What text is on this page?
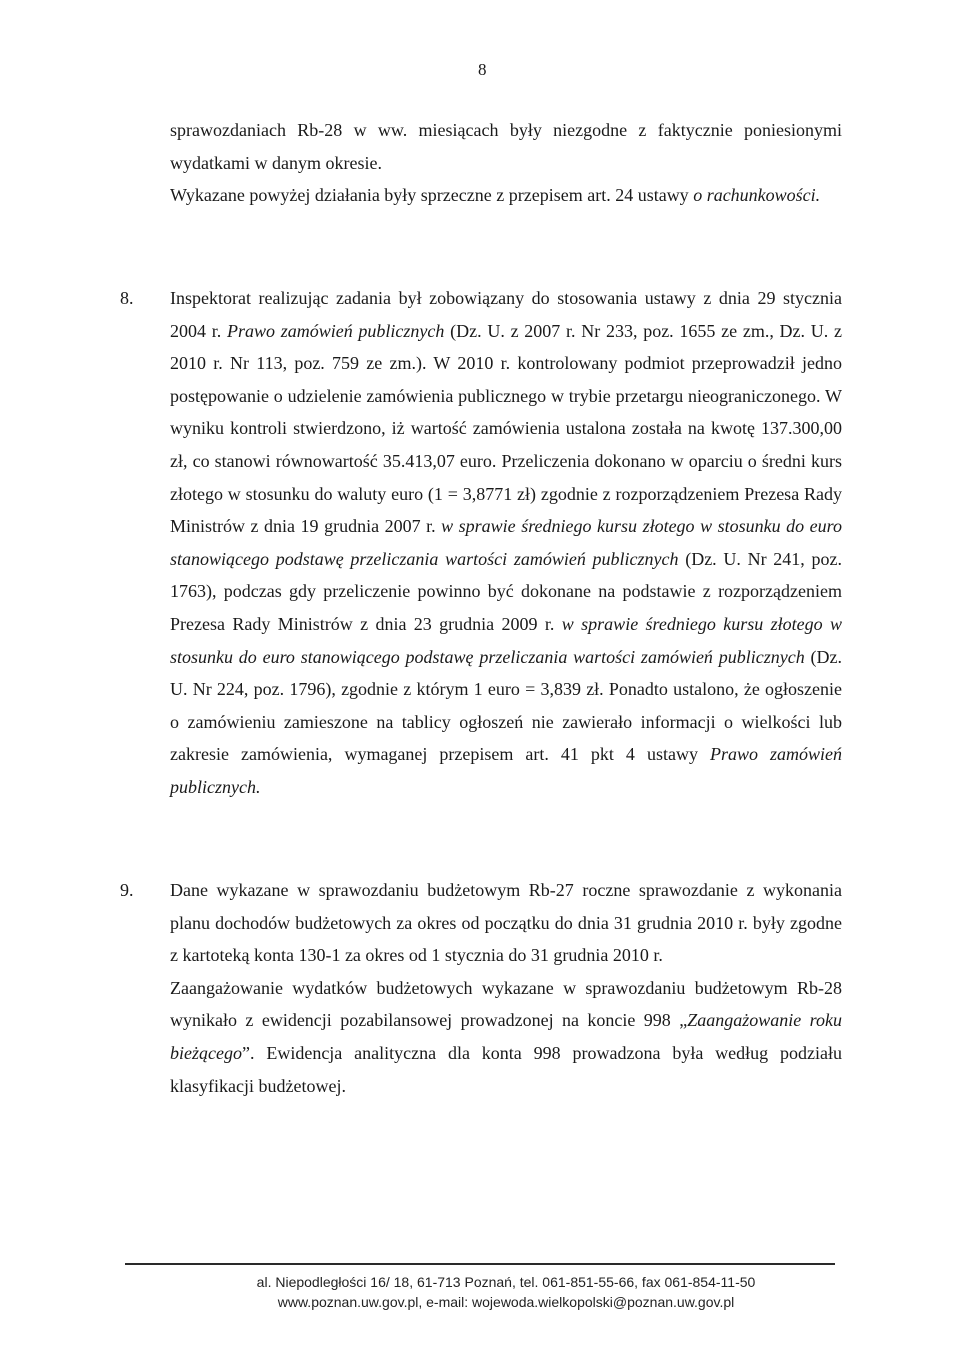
8

sprawozdaniach Rb-28 w ww. miesiącach były niezgodne z faktycznie poniesionymi wydatkami w danym okresie.

Wykazane powyżej działania były sprzeczne z przepisem art. 24 ustawy o rachunkowości.

8. Inspektorat realizując zadania był zobowiązany do stosowania ustawy z dnia 29 stycznia 2004 r. Prawo zamówień publicznych (Dz. U. z 2007 r. Nr 233, poz. 1655 ze zm., Dz. U. z 2010 r. Nr 113, poz. 759 ze zm.). W 2010 r. kontrolowany podmiot przeprowadził jedno postępowanie o udzielenie zamówienia publicznego w trybie przetargu nieograniczonego. W wyniku kontroli stwierdzono, iż wartość zamówienia ustalona została na kwotę 137.300,00 zł, co stanowi równowartość 35.413,07 euro. Przeliczenia dokonano w oparciu o średni kurs złotego w stosunku do waluty euro (1 = 3,8771 zł) zgodnie z rozporządzeniem Prezesa Rady Ministrów z dnia 19 grudnia 2007 r. w sprawie średniego kursu złotego w stosunku do euro stanowiącego podstawę przeliczania wartości zamówień publicznych (Dz. U. Nr 241, poz. 1763), podczas gdy przeliczenie powinno być dokonane na podstawie z rozporządzeniem Prezesa Rady Ministrów z dnia 23 grudnia 2009 r. w sprawie średniego kursu złotego w stosunku do euro stanowiącego podstawę przeliczania wartości zamówień publicznych (Dz. U. Nr 224, poz. 1796), zgodnie z którym 1 euro = 3,839 zł. Ponadto ustalono, że ogłoszenie o zamówieniu zamieszone na tablicy ogłoszeń nie zawierało informacji o wielkości lub zakresie zamówienia, wymaganej przepisem art. 41 pkt 4 ustawy Prawo zamówień publicznych.

9. Dane wykazane w sprawozdaniu budżetowym Rb-27 roczne sprawozdanie z wykonania planu dochodów budżetowych za okres od początku do dnia 31 grudnia 2010 r. były zgodne z kartoteką konta 130-1 za okres od 1 stycznia do 31 grudnia 2010 r.

Zaangażowanie wydatków budżetowych wykazane w sprawozdaniu budżetowym Rb-28 wynikało z ewidencji pozabilansowej prowadzonej na koncie 998 „Zaangażowanie roku bieżącego”. Ewidencja analityczna dla konta 998 prowadzona była według podziału klasyfikacji budżetowej.

al. Niepodległości 16/ 18, 61-713 Poznań, tel. 061-851-55-66, fax 061-854-11-50
www.poznan.uw.gov.pl, e-mail: wojewoda.wielkopolski@poznan.uw.gov.pl
